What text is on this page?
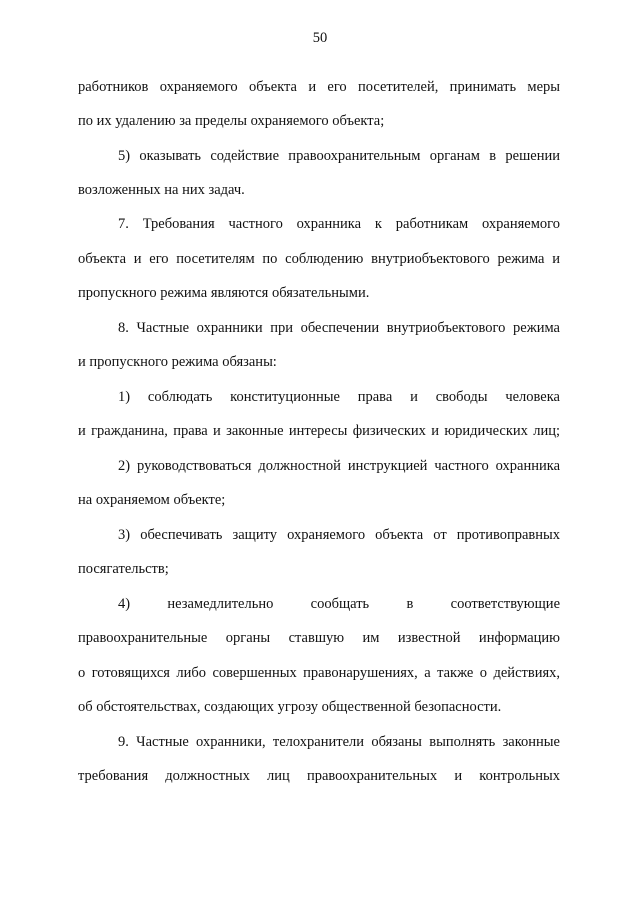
50
работников охраняемого объекта и его посетителей, принимать меры
по их удалению за пределы охраняемого объекта;
5) оказывать содействие правоохранительным органам в решении
возложенных на них задач.
7. Требования частного охранника к работникам охраняемого
объекта и его посетителям по соблюдению внутриобъектового режима и
пропускного режима являются обязательными.
8. Частные охранники при обеспечении внутриобъектового режима
и пропускного режима обязаны:
1) соблюдать конституционные права и свободы человека
и гражданина, права и законные интересы физических и юридических лиц;
2) руководствоваться должностной инструкцией частного охранника
на охраняемом объекте;
3) обеспечивать защиту охраняемого объекта от противоправных
посягательств;
4) незамедлительно сообщать в соответствующие
правоохранительные органы ставшую им известной информацию
о готовящихся либо совершенных правонарушениях, а также о действиях,
об обстоятельствах, создающих угрозу общественной безопасности.
9. Частные охранники, телохранители обязаны выполнять законные
требования должностных лиц правоохранительных и контрольных
